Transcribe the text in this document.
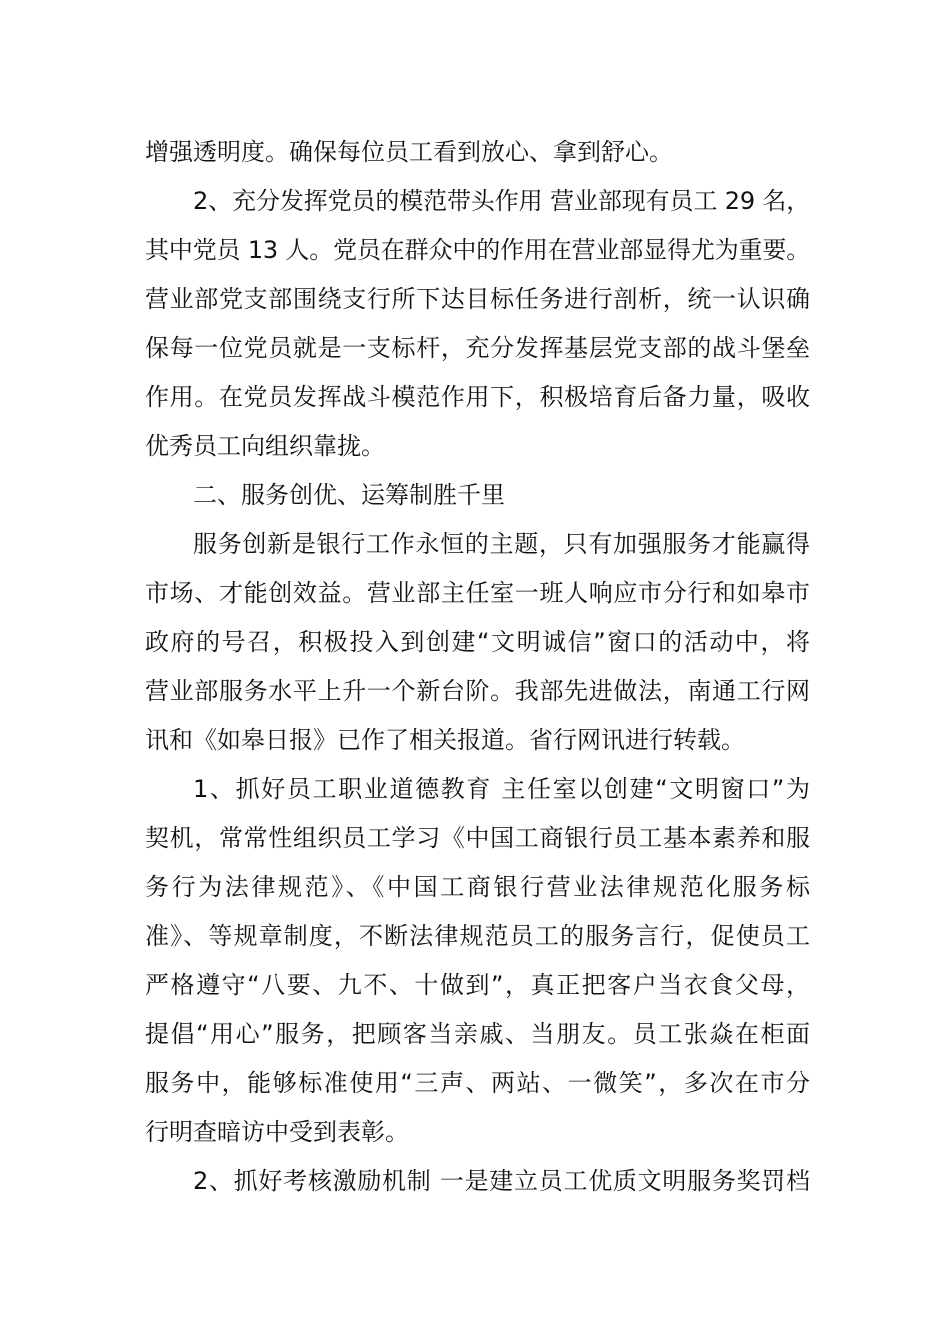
增强透明度。确保每位员工看到放心、拿到舒心。
2、充分发挥党员的模范带头作用 营业部现有员工 29 名，
其中党员 13 人。党员在群众中的作用在营业部显得尤为重要。
营业部党支部围绕支行所下达目标任务进行剖析，统一认识确
保每一位党员就是一支标杆，充分发挥基层党支部的战斗堡垒
作用。在党员发挥战斗模范作用下，积极培育后备力量，吸收
优秀员工向组织靠拢。
二、服务创优、运筹制胜千里
服务创新是银行工作永恒的主题，只有加强服务才能赢得
市场、才能创效益。营业部主任室一班人响应市分行和如皋市
政府的号召，积极投入到创建“文明诚信”窗口的活动中，将
营业部服务水平上升一个新台阶。我部先进做法，南通工行网
讯和《如皋日报》已作了相关报道。省行网讯进行转载。
1、抓好员工职业道德教育 主任室以创建“文明窗口”为
契机，常常性组织员工学习《中国工商银行员工基本素养和服
务行为法律规范》、《中国工商银行营业法律规范化服务标
准》、等规章制度，不断法律规范员工的服务言行，促使员工
严格遵守“八要、九不、十做到”，真正把客户当衣食父母，
提倡“用心”服务，把顾客当亲戚、当朋友。员工张焱在柜面
服务中，能够标准使用“三声、两站、一微笑”，多次在市分
行明查暗访中受到表彰。
2、抓好考核激励机制 一是建立员工优质文明服务奖罚档
